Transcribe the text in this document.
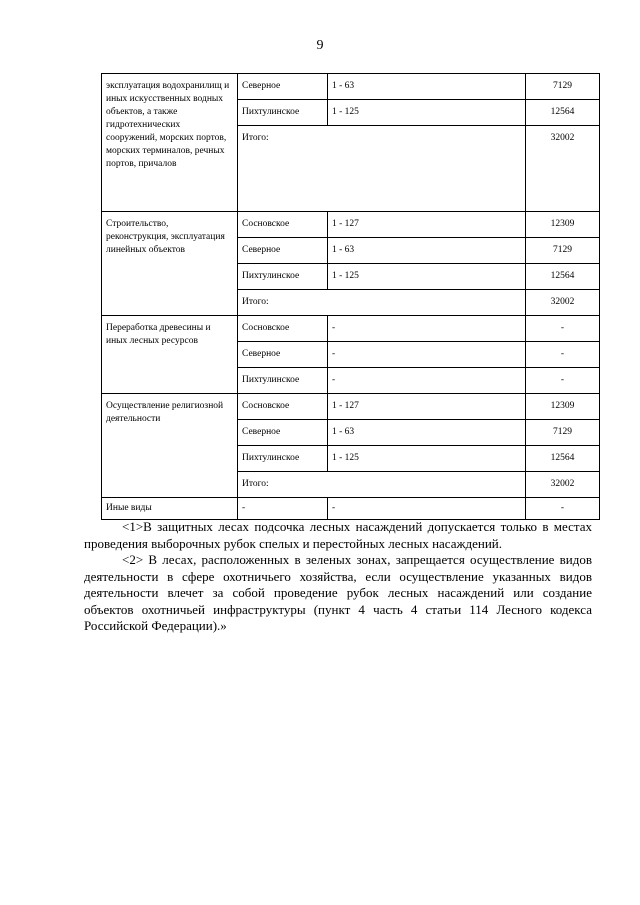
9
эксплуатация водохранилищ и иных искусственных водных объектов, а также гидротехнических сооружений, морских портов, морских терминалов, речных портов, причалов	Северное	1 - 63	7129
	Пихтулинское	1 - 125	12564
	Итого:		32002
Строительство, реконструкция, эксплуатация линейных объектов	Сосновское	1 - 127	12309
	Северное	1 - 63	7129
	Пихтулинское	1 - 125	12564
	Итого:		32002
Переработка древесины и иных лесных ресурсов	Сосновское	-	-
	Северное	-	-
	Пихтулинское	-	-
Осуществление религиозной деятельности	Сосновское	1 - 127	12309
	Северное	1 - 63	7129
	Пихтулинское	1 - 125	12564
	Итого:		32002
Иные виды	-	-	-

<1>В защитных лесах подсочка лесных насаждений допускается только в местах проведения выборочных рубок спелых и перестойных лесных насаждений.

<2> В лесах, расположенных в зеленых зонах, запрещается осуществление видов деятельности в сфере охотничьего хозяйства, если осуществление указанных видов деятельности влечет за собой проведение рубок лесных насаждений или создание объектов охотничьей инфраструктуры (пункт 4 часть 4 статьи 114 Лесного кодекса Российской Федерации).»
